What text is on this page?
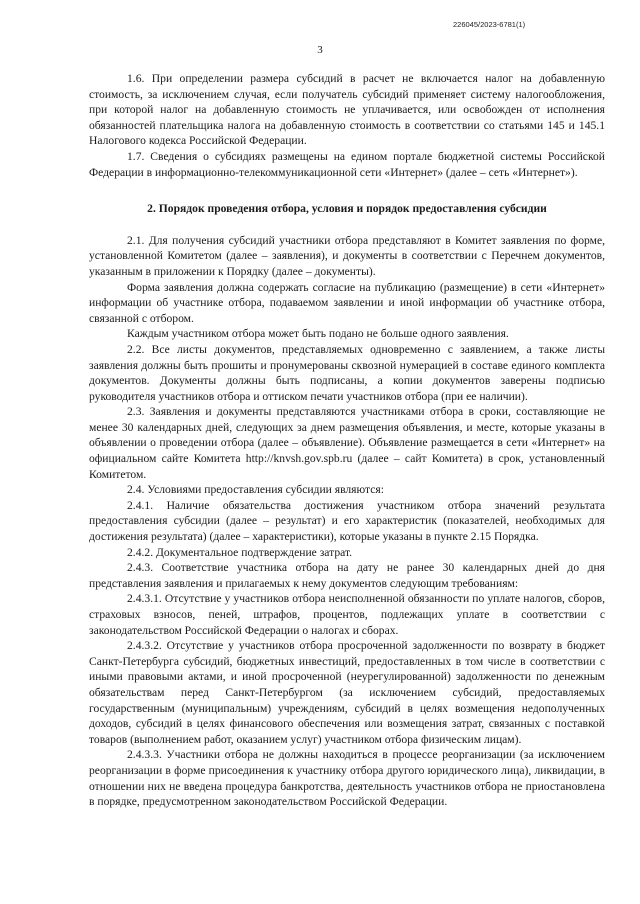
226045/2023-6781(1)
3

1.6. При определении размера субсидий в расчет не включается налог на добавленную стоимость, за исключением случая, если получатель субсидий применяет систему налогообложения, при которой налог на добавленную стоимость не уплачивается, или освобожден от исполнения обязанностей плательщика налога на добавленную стоимость в соответствии со статьями 145 и 145.1 Налогового кодекса Российской Федерации.

1.7. Сведения о субсидиях размещены на едином портале бюджетной системы Российской Федерации в информационно-телекоммуникационной сети «Интернет» (далее – сеть «Интернет»).

2. Порядок проведения отбора, условия и порядок предоставления субсидии

2.1. Для получения субсидий участники отбора представляют в Комитет заявления по форме, установленной Комитетом (далее – заявления), и документы в соответствии с Перечнем документов, указанным в приложении к Порядку (далее – документы).

Форма заявления должна содержать согласие на публикацию (размещение) в сети «Интернет» информации об участнике отбора, подаваемом заявлении и иной информации об участнике отбора, связанной с отбором.

Каждым участником отбора может быть подано не больше одного заявления.

2.2. Все листы документов, представляемых одновременно с заявлением, а также листы заявления должны быть прошиты и пронумерованы сквозной нумерацией в составе единого комплекта документов. Документы должны быть подписаны, а копии документов заверены подписью руководителя участников отбора и оттиском печати участников отбора (при ее наличии).

2.3. Заявления и документы представляются участниками отбора в сроки, составляющие не менее 30 календарных дней, следующих за днем размещения объявления, и месте, которые указаны в объявлении о проведении отбора (далее – объявление). Объявление размещается в сети «Интернет» на официальном сайте Комитета http://knvsh.gov.spb.ru (далее – сайт Комитета) в срок, установленный Комитетом.

2.4. Условиями предоставления субсидии являются:

2.4.1. Наличие обязательства достижения участником отбора значений результата предоставления субсидии (далее – результат) и его характеристик (показателей, необходимых для достижения результата) (далее – характеристики), которые указаны в пункте 2.15 Порядка.

2.4.2. Документальное подтверждение затрат.

2.4.3. Соответствие участника отбора на дату не ранее 30 календарных дней до дня представления заявления и прилагаемых к нему документов следующим требованиям:

2.4.3.1. Отсутствие у участников отбора неисполненной обязанности по уплате налогов, сборов, страховых взносов, пеней, штрафов, процентов, подлежащих уплате в соответствии с законодательством Российской Федерации о налогах и сборах.

2.4.3.2. Отсутствие у участников отбора просроченной задолженности по возврату в бюджет Санкт-Петербурга субсидий, бюджетных инвестиций, предоставленных в том числе в соответствии с иными правовыми актами, и иной просроченной (неурегулированной) задолженности по денежным обязательствам перед Санкт-Петербургом (за исключением субсидий, предоставляемых государственным (муниципальным) учреждениям, субсидий в целях возмещения недополученных доходов, субсидий в целях финансового обеспечения или возмещения затрат, связанных с поставкой товаров (выполнением работ, оказанием услуг) участником отбора физическим лицам).

2.4.3.3. Участники отбора не должны находиться в процессе реорганизации (за исключением реорганизации в форме присоединения к участнику отбора другого юридического лица), ликвидации, в отношении них не введена процедура банкротства, деятельность участников отбора не приостановлена в порядке, предусмотренном законодательством Российской Федерации.
